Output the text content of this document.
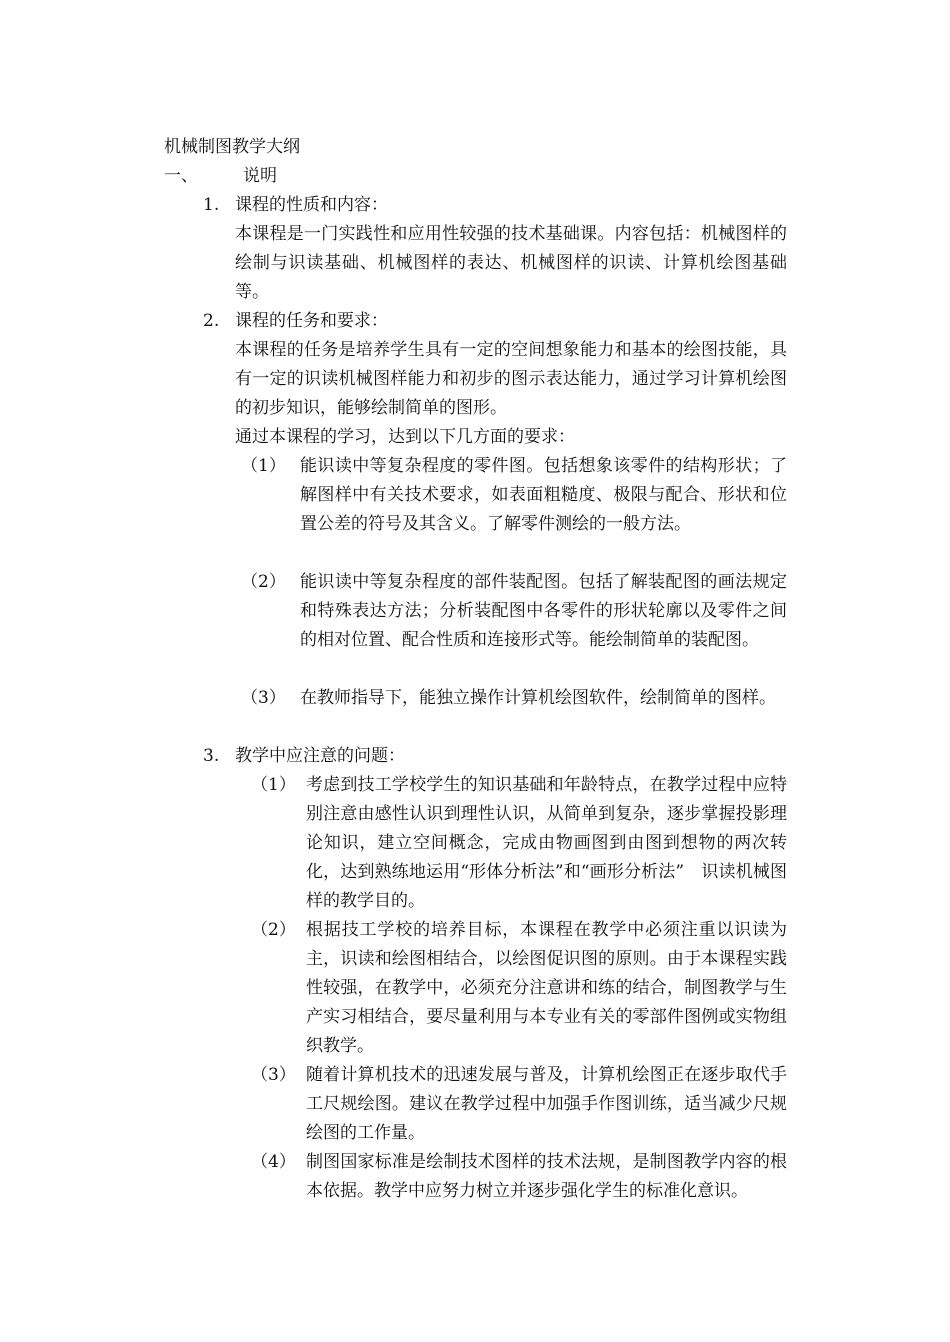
机械制图教学大纲
一、	说明
1. 课程的性质和内容：
本课程是一门实践性和应用性较强的技术基础课。内容包括：机械图样的绘制与识读基础、机械图样的表达、机械图样的识读、计算机绘图基础等。
2. 课程的任务和要求：
本课程的任务是培养学生具有一定的空间想象能力和基本的绘图技能，具有一定的识读机械图样能力和初步的图示表达能力，通过学习计算机绘图的初步知识，能够绘制简单的图形。
通过本课程的学习，达到以下几方面的要求：
（1） 能识读中等复杂程度的零件图。包括想象该零件的结构形状；了解图样中有关技术要求，如表面粗糙度、极限与配合、形状和位置公差的符号及其含义。了解零件测绘的一般方法。
（2） 能识读中等复杂程度的部件装配图。包括了解装配图的画法规定和特殊表达方法；分析装配图中各零件的形状轮廓以及零件之间的相对位置、配合性质和连接形式等。能绘制简单的装配图。
（3） 在教师指导下，能独立操作计算机绘图软件，绘制简单的图样。
3. 教学中应注意的问题：
（1） 考虑到技工学校学生的知识基础和年龄特点，在教学过程中应特别注意由感性认识到理性认识，从简单到复杂，逐步掌握投影理论知识，建立空间概念，完成由物画图到由图到想物的两次转化，达到熟练地运用“形体分析法”和“画形分析法”　识读机械图样的教学目的。
（2） 根据技工学校的培养目标，本课程在教学中必须注重以识读为主，识读和绘图相结合，以绘图促识图的原则。由于本课程实践性较强，在教学中，必须充分注意讲和练的结合，制图教学与生产实习相结合，要尽量利用与本专业有关的零部件图例或实物组织教学。
（3） 随着计算机技术的迅速发展与普及，计算机绘图正在逐步取代手工尺规绘图。建议在教学过程中加强手作图训练，适当减少尺规绘图的工作量。
（4） 制图国家标准是绘制技术图样的技术法规，是制图教学内容的根本依据。教学中应努力树立并逐步强化学生的标准化意识。
